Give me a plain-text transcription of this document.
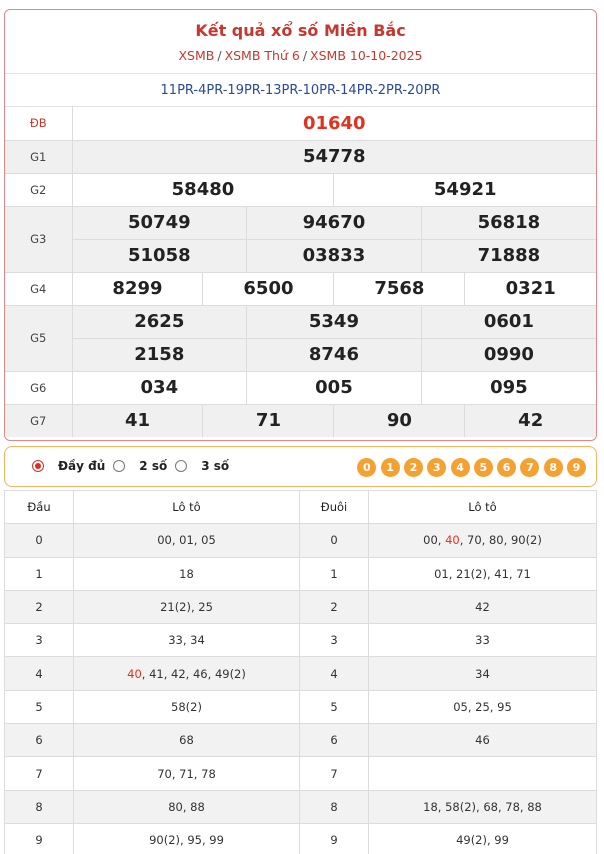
Kết quả xổ số Miền Bắc
XSMB / XSMB Thứ 6 / XSMB 10-10-2025
11PR-4PR-19PR-13PR-10PR-14PR-2PR-20PR
ĐB	01640					
G1	54778					
G2	58480			54921		
G3	50749		94670		56818	
	51058		03833		71888	
G4	8299	6500		7568		0321
G5	2625		5349		0601	
	2158		8746		0990	
G6	034		005		095	
G7	41	71		90		42
Đầy đủ	2 số	3 số	0	1	2	3	4	5	6	7	8	9
Đầu	Lô tô	Đuôi	Lô tô
0	00, 01, 05	0	00, 40, 70, 80, 90(2)
1	18	1	01, 21(2), 41, 71
2	21(2), 25	2	42
3	33, 34	3	33
4	40, 41, 42, 46, 49(2)	4	34
5	58(2)	5	05, 25, 95
6	68	6	46
7	70, 71, 78	7	
8	80, 88	8	18, 58(2), 68, 78, 88
9	90(2), 95, 99	9	49(2), 99
